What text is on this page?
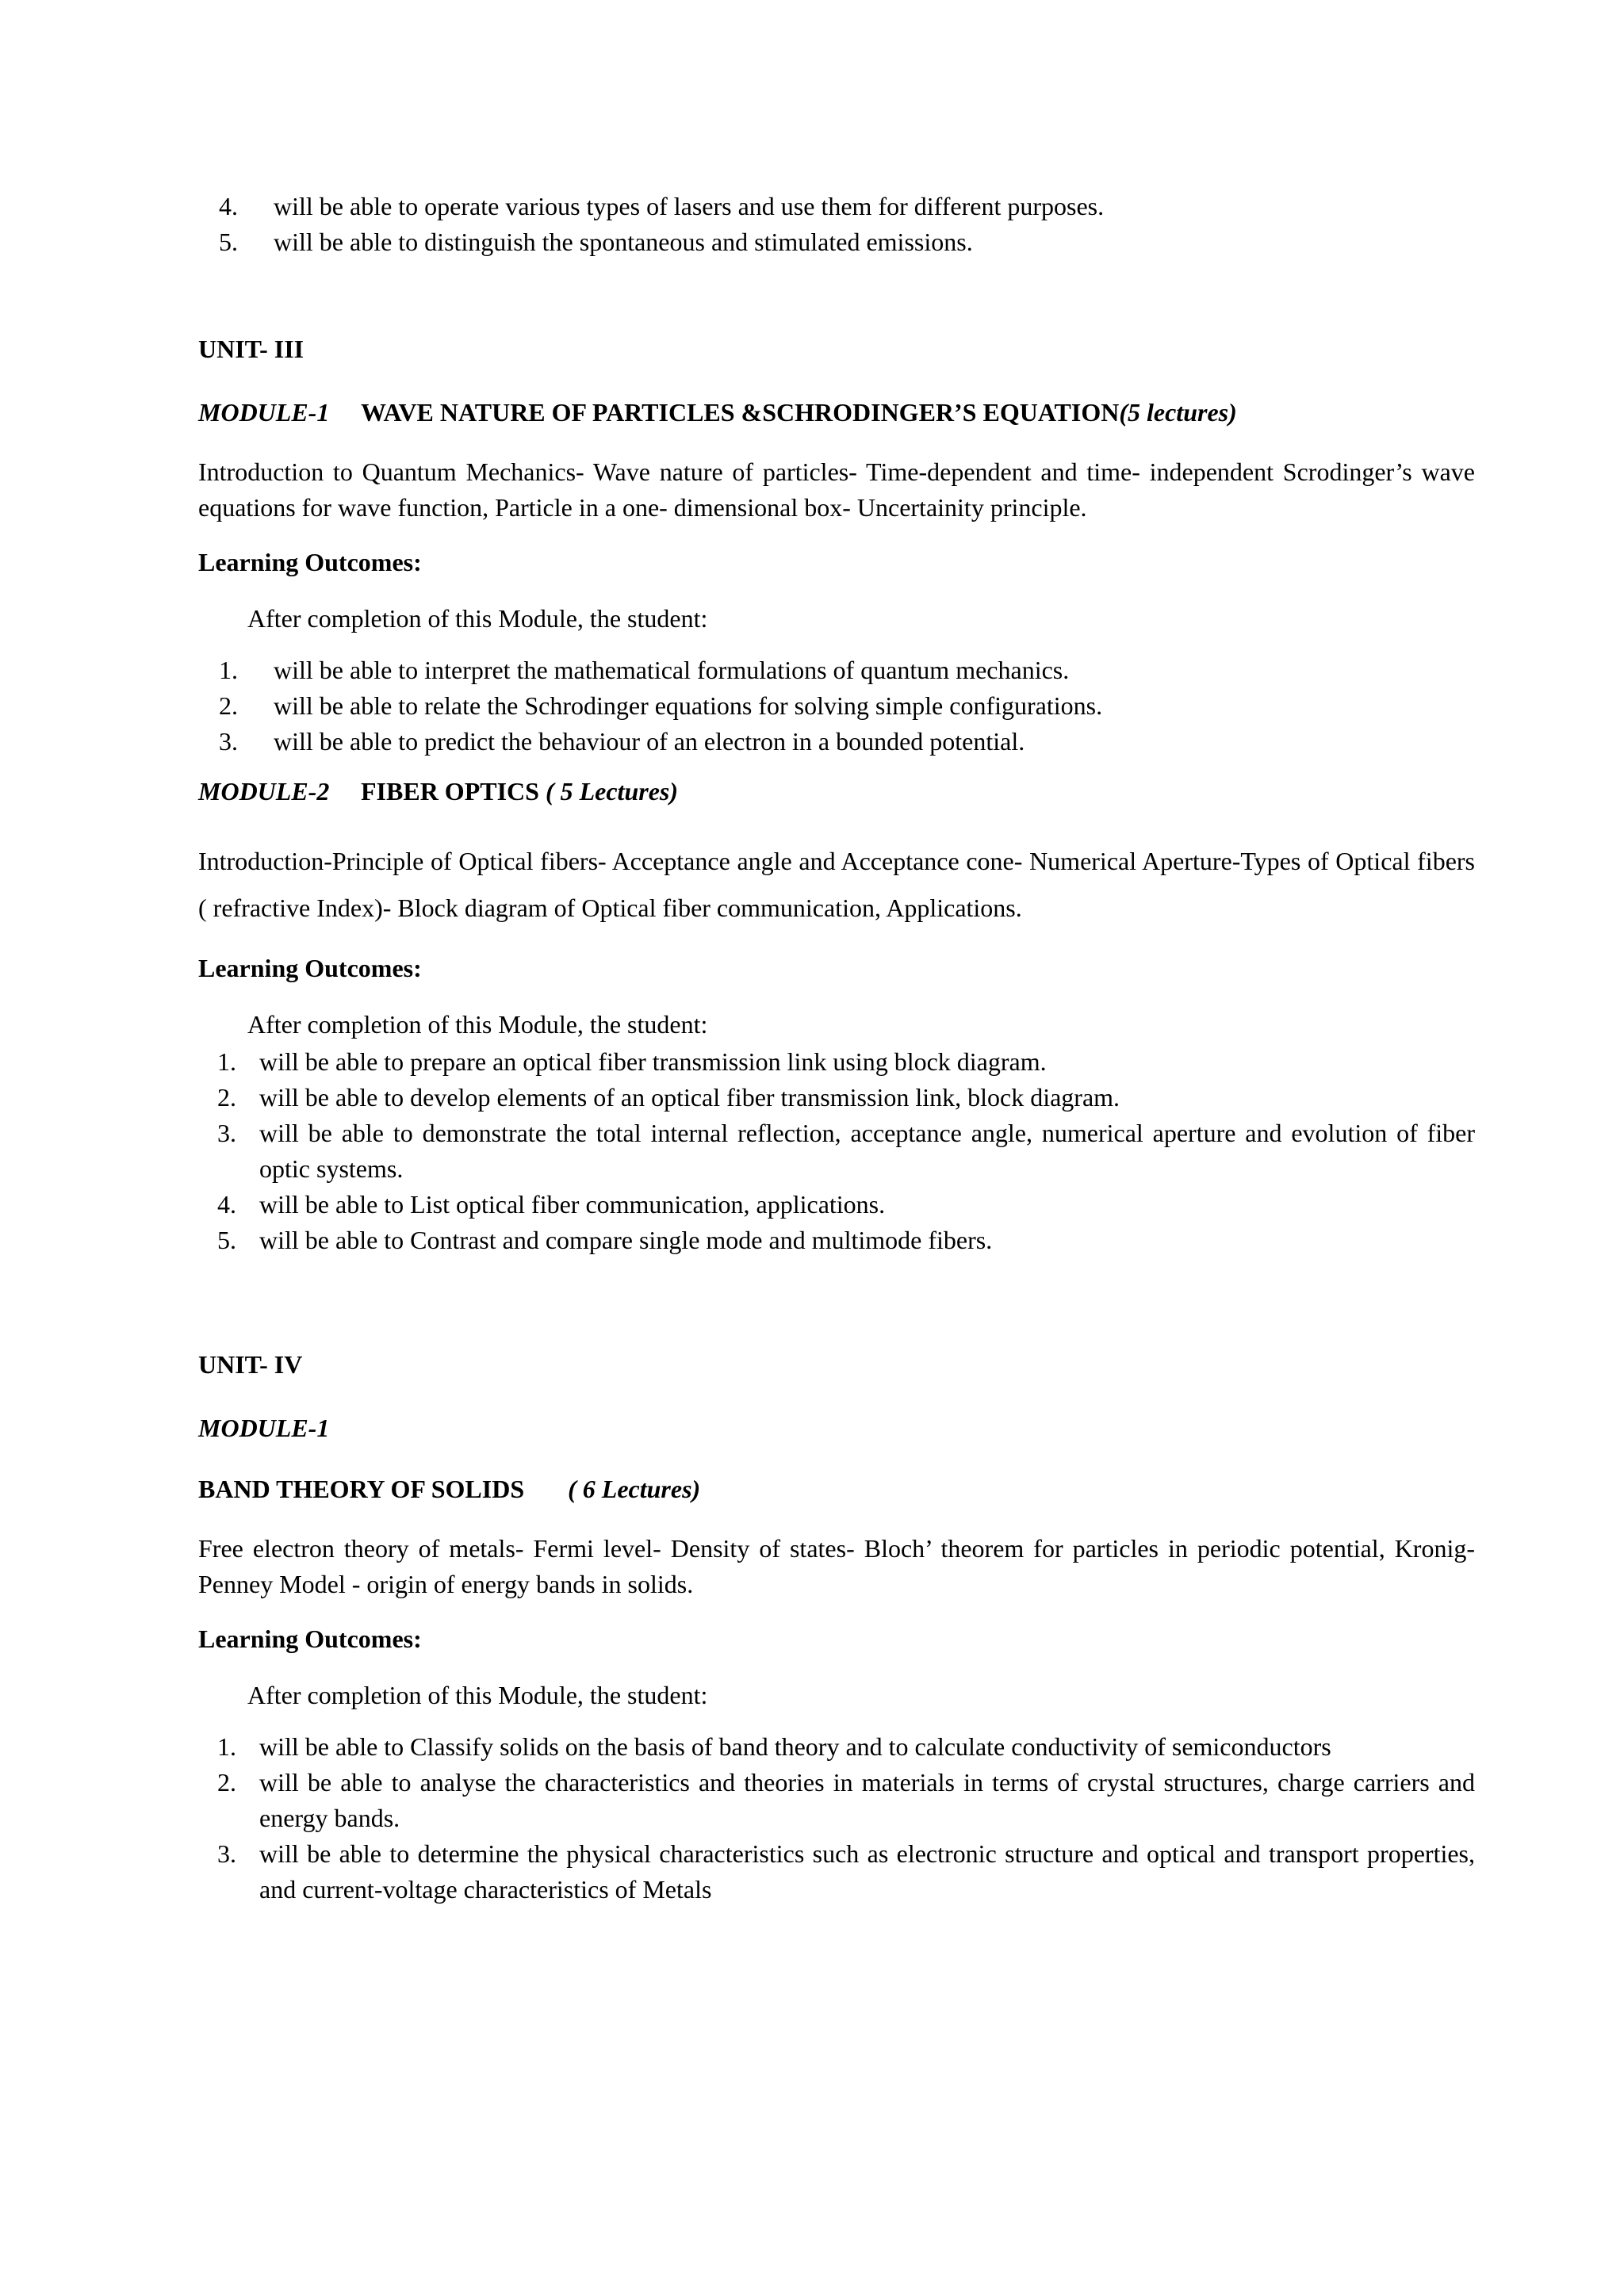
4.	will be able to operate various types of lasers and use them for different purposes.
5.	will be able to distinguish the spontaneous and stimulated emissions.
UNIT- III
MODULE-1 WAVE NATURE OF PARTICLES &SCHRODINGER’S EQUATION(5 lectures)
Introduction to Quantum Mechanics- Wave nature of particles- Time-dependent and time- independent Scrodinger’s wave equations for wave function, Particle in a one- dimensional box- Uncertainity principle.
Learning Outcomes:
After completion of this Module, the student:
1.	will be able to interpret the mathematical formulations of quantum mechanics.
2.	will be able to relate the Schrodinger equations for solving simple configurations.
3.	will be able to predict the behaviour of an electron in a bounded potential.
MODULE-2 FIBER OPTICS ( 5 Lectures)
Introduction-Principle of Optical fibers- Acceptance angle and Acceptance cone- Numerical Aperture-Types of Optical fibers ( refractive Index)- Block diagram of Optical fiber communication, Applications.
Learning Outcomes:
After completion of this Module, the student:
1. will be able to prepare an optical fiber transmission link using block diagram.
2. will be able to develop elements of an optical fiber transmission link, block diagram.
3. will be able to demonstrate the total internal reflection, acceptance angle, numerical aperture and evolution of fiber optic systems.
4. will be able to List optical fiber communication, applications.
5. will be able to Contrast and compare single mode and multimode fibers.
UNIT- IV
MODULE-1
BAND THEORY OF SOLIDS ( 6 Lectures)
Free electron theory of metals- Fermi level- Density of states- Bloch’ theorem for particles in periodic potential, Kronig- Penney Model - origin of energy bands in solids.
Learning Outcomes:
After completion of this Module, the student:
1. will be able to Classify solids on the basis of band theory and to calculate conductivity of semiconductors
2. will be able to analyse the characteristics and theories in materials in terms of crystal structures, charge carriers and energy bands.
3. will be able to determine the physical characteristics such as electronic structure and optical and transport properties, and current-voltage characteristics of Metals
